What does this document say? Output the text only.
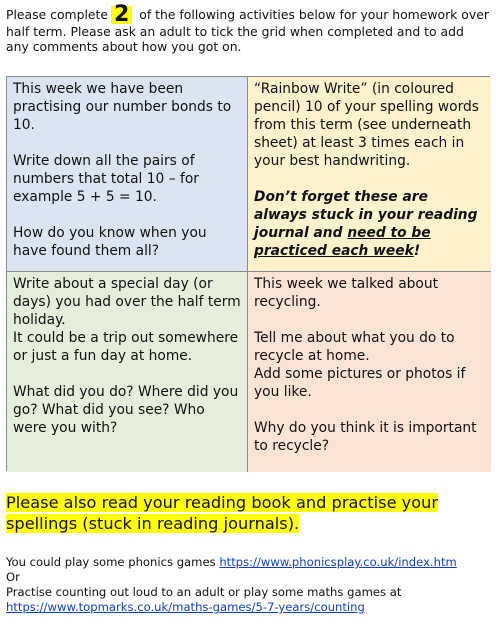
Please complete 2 of the following activities below for your homework over half term. Please ask an adult to tick the grid when completed and to add any comments about how you got on.

This week we have been practising our number bonds to 10.

Write down all the pairs of numbers that total 10 – for example 5 + 5 = 10.

How do you know when you have found them all?

“Rainbow Write” (in coloured pencil) 10 of your spelling words from this term (see underneath sheet) at least 3 times each in your best handwriting.

Don’t forget these are always stuck in your reading journal and need to be practiced each week!

Write about a special day (or days) you had over the half term holiday.

It could be a trip out somewhere or just a fun day at home.

What did you do? Where did you go? What did you see? Who were you with?

This week we talked about recycling.

Tell me about what you do to recycle at home.

Add some pictures or photos if you like.

Why do you think it is important to recycle?

Please also read your reading book and practise your spellings (stuck in reading journals).

You could play some phonics games https://www.phonicsplay.co.uk/index.htm

Or

Practise counting out loud to an adult or play some maths games at

https://www.topmarks.co.uk/maths-games/5-7-years/counting
